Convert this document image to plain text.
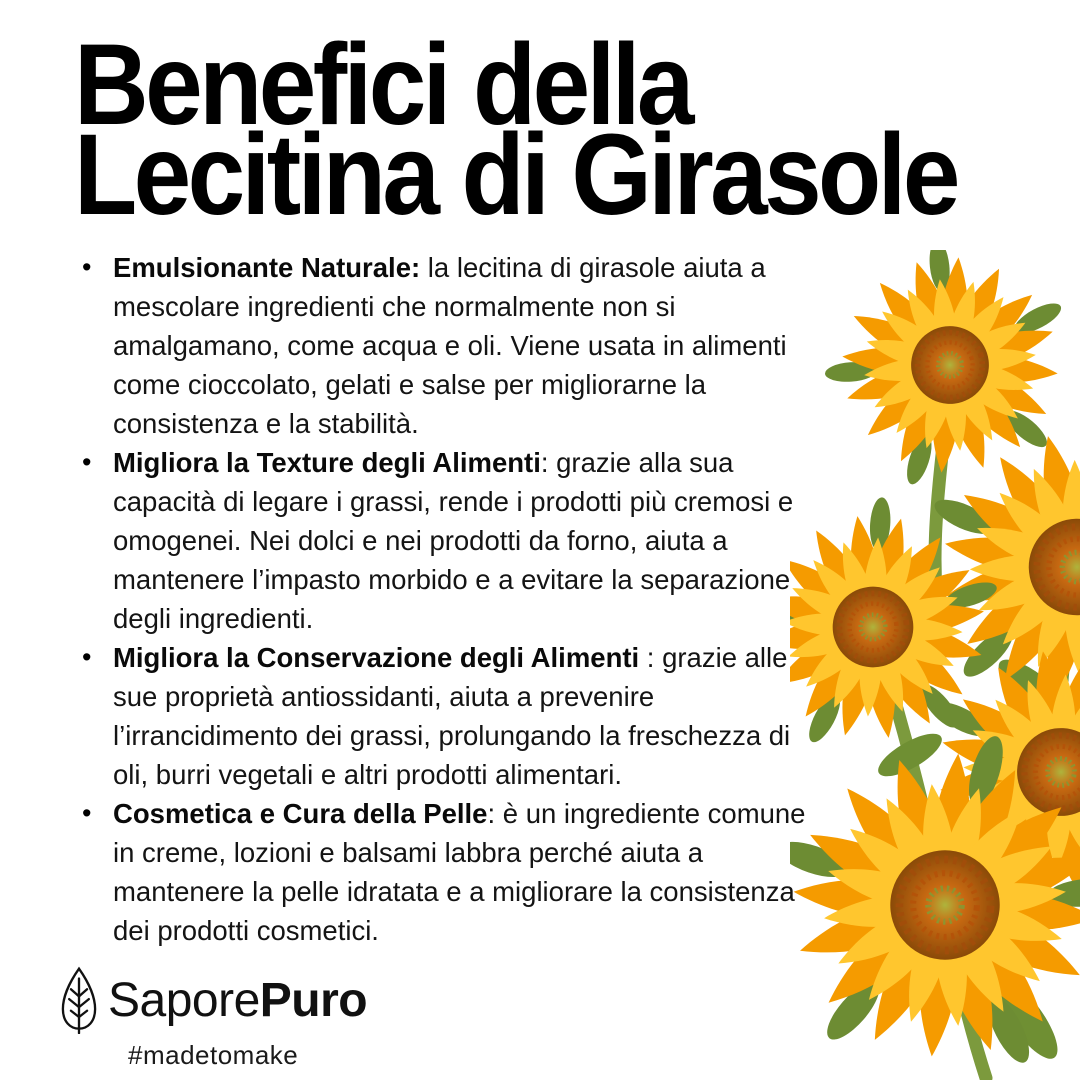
Benefici della
Lecitina di Girasole
• Emulsionante Naturale: la lecitina di girasole aiuta a mescolare ingredienti che normalmente non si amalgamano, come acqua e oli. Viene usata in alimenti come cioccolato, gelati e salse per migliorarne la consistenza e la stabilità.
• Migliora la Texture degli Alimenti: grazie alla sua capacità di legare i grassi, rende i prodotti più cremosi e omogenei. Nei dolci e nei prodotti da forno, aiuta a mantenere l’impasto morbido e a evitare la separazione degli ingredienti.
• Migliora la Conservazione degli Alimenti : grazie alle sue proprietà antiossidanti, aiuta a prevenire l’irrancidimento dei grassi, prolungando la freschezza di oli, burri vegetali e altri prodotti alimentari.
• Cosmetica e Cura della Pelle: è un ingrediente comune in creme, lozioni e balsami labbra perché aiuta a mantenere la pelle idratata e a migliorare la consistenza dei prodotti cosmetici.
SaporePuro
#madetomake
